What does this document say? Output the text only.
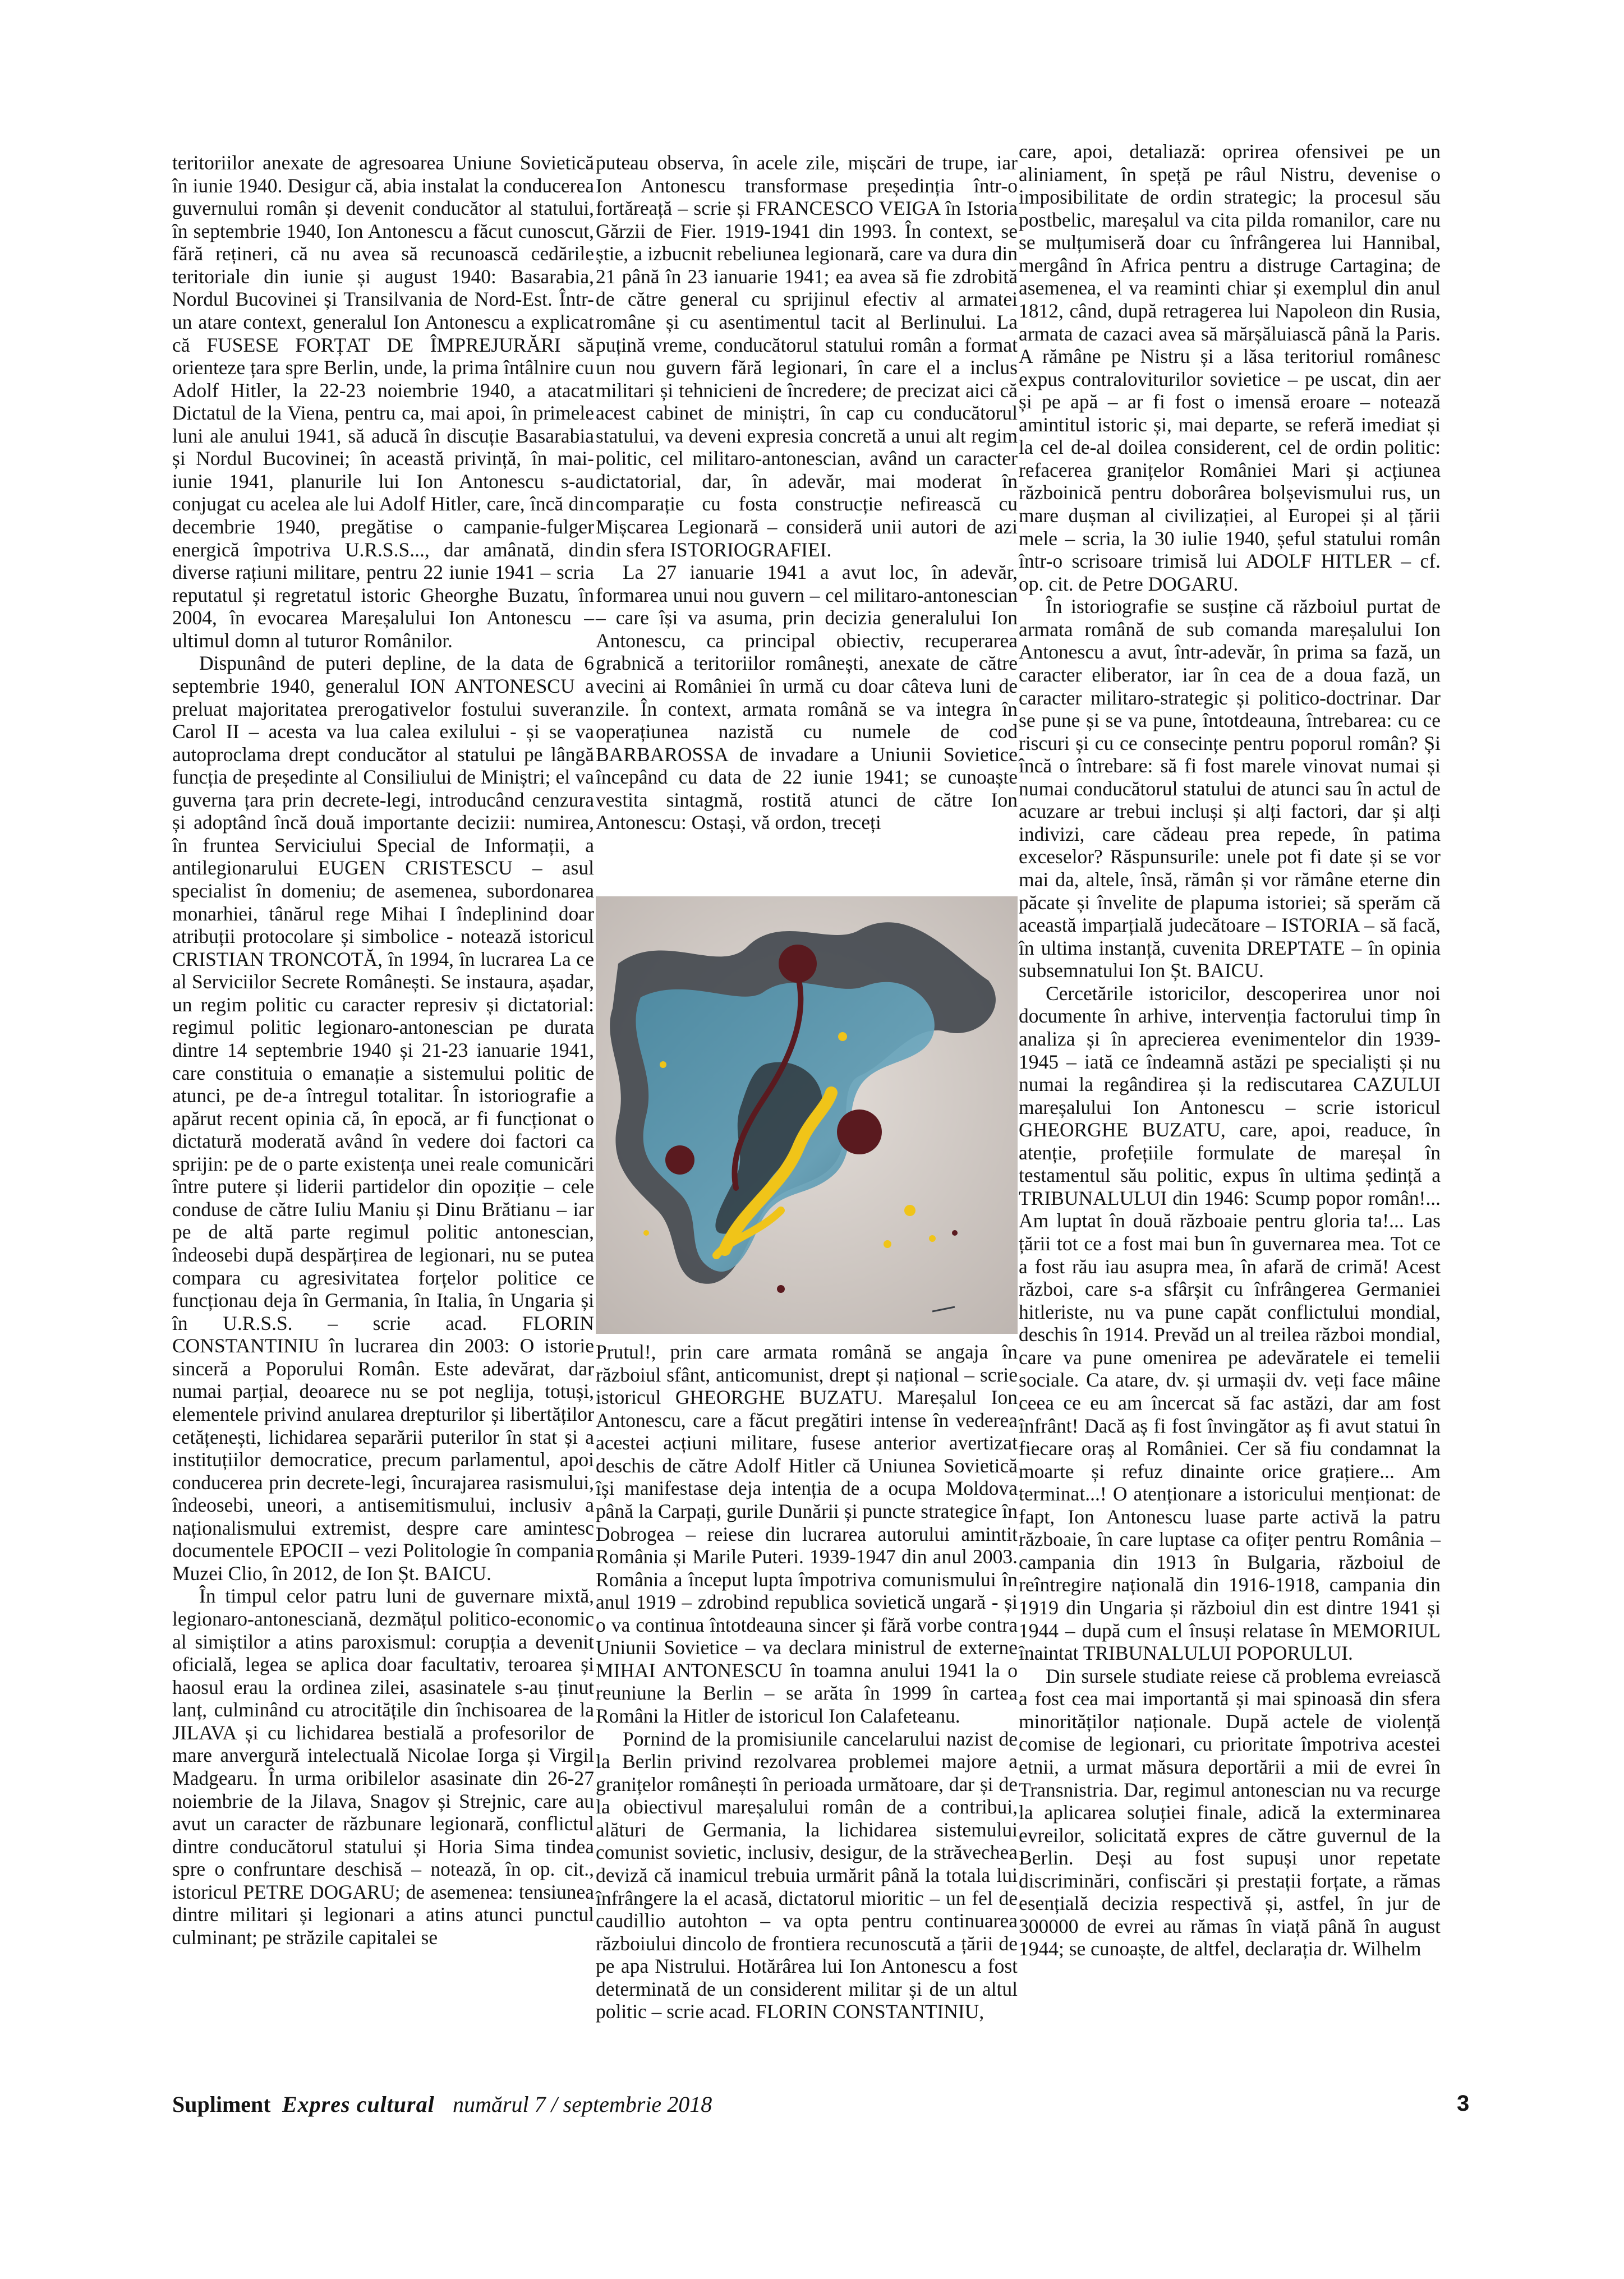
teritoriilor anexate de agresoarea Uniune Sovietică în iunie 1940. Desigur că, abia instalat la conducerea guvernului român și devenit conducător al statului, în septembrie 1940, Ion Antonescu a făcut cunoscut, fără rețineri, că nu avea să recunoască cedările teritoriale din iunie și august 1940: Basarabia, Nordul Bucovinei și Transilvania de Nord-Est. Într-un atare context, generalul Ion Antonescu a explicat că FUSESE FORȚAT DE ÎMPREJURĂRI să orienteze țara spre Berlin, unde, la prima întâlnire cu Adolf Hitler, la 22-23 noiembrie 1940, a atacat Dictatul de la Viena, pentru ca, mai apoi, în primele luni ale anului 1941, să aducă în discuție Basarabia și Nordul Bucovinei; în această privință, în mai-iunie 1941, planurile lui Ion Antonescu s-au conjugat cu acelea ale lui Adolf Hitler, care, încă din decembrie 1940, pregătise o campanie-fulger energică împotriva U.R.S.S..., dar amânată, din diverse rațiuni militare, pentru 22 iunie 1941 – scria reputatul și regretatul istoric Gheorghe Buzatu, în 2004, în evocarea Mareșalului Ion Antonescu – ultimul domn al tuturor Românilor.

Dispunând de puteri depline, de la data de 6 septembrie 1940, generalul ION ANTONESCU a preluat majoritatea prerogativelor fostului suveran Carol II – acesta va lua calea exilului - și se va autoproclama drept conducător al statului pe lângă funcția de președinte al Consiliului de Miniștri; el va guverna țara prin decrete-legi, introducând cenzura și adoptând încă două importante decizii: numirea, în fruntea Serviciului Special de Informații, a antilegionarului EUGEN CRISTESCU – asul specialist în domeniu; de asemenea, subordonarea monarhiei, tânărul rege Mihai I îndeplinind doar atribuții protocolare și simbolice - notează istoricul CRISTIAN TRONCOTĂ, în 1994, în lucrarea La ce al Serviciilor Secrete Românești. Se instaura, așadar, un regim politic cu caracter represiv și dictatorial: regimul politic legionaro-antonescian pe durata dintre 14 septembrie 1940 și 21-23 ianuarie 1941, care constituia o emanație a sistemului politic de atunci, pe de-a întregul totalitar. În istoriografie a apărut recent opinia că, în epocă, ar fi funcționat o dictatură moderată având în vedere doi factori ca sprijin: pe de o parte existența unei reale comunicări între putere și liderii partidelor din opoziție – cele conduse de către Iuliu Maniu și Dinu Brătianu – iar pe de altă parte regimul politic antonescian, îndeosebi după despărțirea de legionari, nu se putea compara cu agresivitatea forțelor politice ce funcționau deja în Germania, în Italia, în Ungaria și în U.R.S.S. – scrie acad. FLORIN CONSTANTINIU în lucrarea din 2003: O istorie sinceră a Poporului Român. Este adevărat, dar numai parțial, deoarece nu se pot neglija, totuși, elementele privind anularea drepturilor și libertăților cetățenești, lichidarea separării puterilor în stat și a instituțiilor democratice, precum parlamentul, apoi conducerea prin decrete-legi, încurajarea rasismului, îndeosebi, uneori, a antisemitismului, inclusiv a naționalismului extremist, despre care amintesc documentele EPOCII – vezi Politologie în compania Muzei Clio, în 2012, de Ion Șt. BAICU.

În timpul celor patru luni de guvernare mixtă, legionaro-antonesciană, dezmățul politico-economic al simiștilor a atins paroxismul: corupția a devenit oficială, legea se aplica doar facultativ, teroarea și haosul erau la ordinea zilei, asasinatele s-au ținut lanț, culminând cu atrocitățile din închisoarea de la JILAVA și cu lichidarea bestială a profesorilor de mare anvergură intelectuală Nicolae Iorga și Virgil Madgearu. În urma oribilelor asasinate din 26-27 noiembrie de la Jilava, Snagov și Strejnic, care au avut un caracter de răzbunare legionară, conflictul dintre conducătorul statului și Horia Sima tindea spre o confruntare deschisă – notează, în op. cit., istoricul PETRE DOGARU; de asemenea: tensiunea dintre militari și legionari a atins atunci punctul culminant; pe străzile capitalei se

puteau observa, în acele zile, mișcări de trupe, iar Ion Antonescu transformase președinția într-o fortăreață – scrie și FRANCESCO VEIGA în Istoria Gărzii de Fier. 1919-1941 din 1993. În context, se știe, a izbucnit rebeliunea legionară, care va dura din 21 până în 23 ianuarie 1941; ea avea să fie zdrobită de către general cu sprijinul efectiv al armatei române și cu asentimentul tacit al Berlinului. La puțină vreme, conducătorul statului român a format un nou guvern fără legionari, în care el a inclus militari și tehnicieni de încredere; de precizat aici că acest cabinet de miniștri, în cap cu conducătorul statului, va deveni expresia concretă a unui alt regim politic, cel militaro-antonescian, având un caracter dictatorial, dar, în adevăr, mai moderat în comparație cu fosta construcție nefirească cu Mișcarea Legionară – consideră unii autori de azi din sfera ISTORIOGRAFIEI.

La 27 ianuarie 1941 a avut loc, în adevăr, formarea unui nou guvern – cel militaro-antonescian – care își va asuma, prin decizia generalului Ion Antonescu, ca principal obiectiv, recuperarea grabnică a teritoriilor românești, anexate de către vecini ai României în urmă cu doar câteva luni de zile. În context, armata română se va integra în operațiunea nazistă cu numele de cod BARBAROSSA de invadare a Uniunii Sovietice începând cu data de 22 iunie 1941; se cunoaște vestita sintagmă, rostită atunci de către Ion Antonescu: Ostași, vă ordon, treceți

Prutul!, prin care armata română se angaja în războiul sfânt, anticomunist, drept și național – scrie istoricul GHEORGHE BUZATU. Mareșalul Ion Antonescu, care a făcut pregătiri intense în vederea acestei acțiuni militare, fusese anterior avertizat deschis de către Adolf Hitler că Uniunea Sovietică își manifestase deja intenția de a ocupa Moldova până la Carpați, gurile Dunării și puncte strategice în Dobrogea – reiese din lucrarea autorului amintit România și Marile Puteri. 1939-1947 din anul 2003. România a început lupta împotriva comunismului în anul 1919 – zdrobind republica sovietică ungară - și o va continua întotdeauna sincer și fără vorbe contra Uniunii Sovietice – va declara ministrul de externe MIHAI ANTONESCU în toamna anului 1941 la o reuniune la Berlin – se arăta în 1999 în cartea Români la Hitler de istoricul Ion Calafeteanu.

Pornind de la promisiunile cancelarului nazist de la Berlin privind rezolvarea problemei majore a granițelor românești în perioada următoare, dar și de la obiectivul mareșalului român de a contribui, alături de Germania, la lichidarea sistemului comunist sovietic, inclusiv, desigur, de la străvechea deviză că inamicul trebuia urmărit până la totala lui înfrângere la el acasă, dictatorul mioritic – un fel de caudillio autohton – va opta pentru continuarea războiului dincolo de frontiera recunoscută a țării de pe apa Nistrului. Hotărârea lui Ion Antonescu a fost determinată de un considerent militar și de un altul politic – scrie acad. FLORIN CONSTANTINIU,

care, apoi, detaliază: oprirea ofensivei pe un aliniament, în speță pe râul Nistru, devenise o imposibilitate de ordin strategic; la procesul său postbelic, mareșalul va cita pilda romanilor, care nu se mulțumiseră doar cu înfrângerea lui Hannibal, mergând în Africa pentru a distruge Cartagina; de asemenea, el va reaminti chiar și exemplul din anul 1812, când, după retragerea lui Napoleon din Rusia, armata de cazaci avea să mărșăluiască până la Paris. A rămâne pe Nistru și a lăsa teritoriul românesc expus contraloviturilor sovietice – pe uscat, din aer și pe apă – ar fi fost o imensă eroare – notează amintitul istoric și, mai departe, se referă imediat și la cel de-al doilea considerent, cel de ordin politic: refacerea granițelor României Mari și acțiunea războinică pentru doborârea bolșevismului rus, un mare dușman al civilizației, al Europei și al țării mele – scria, la 30 iulie 1940, șeful statului român într-o scrisoare trimisă lui ADOLF HITLER – cf. op. cit. de Petre DOGARU.

În istoriografie se susține că războiul purtat de armata română de sub comanda mareșalului Ion Antonescu a avut, într-adevăr, în prima sa fază, un caracter eliberator, iar în cea de a doua fază, un caracter militaro-strategic și politico-doctrinar. Dar se pune și se va pune, întotdeauna, întrebarea: cu ce riscuri și cu ce consecințe pentru poporul român? Și încă o întrebare: să fi fost marele vinovat numai și numai conducătorul statului de atunci sau în actul de acuzare ar trebui incluși și alți factori, dar și alți indivizi, care cădeau prea repede, în patima exceselor? Răspunsurile: unele pot fi date și se vor mai da, altele, însă, rămân și vor rămâne eterne din păcate și învelite de plapuma istoriei; să sperăm că această imparțială judecătoare – ISTORIA – să facă, în ultima instanță, cuvenita DREPTATE – în opinia subsemnatului Ion Șt. BAICU.

Cercetările istoricilor, descoperirea unor noi documente în arhive, intervenția factorului timp în analiza și în aprecierea evenimentelor din 1939-1945 – iată ce îndeamnă astăzi pe specialiști și nu numai la regândirea și la rediscutarea CAZULUI mareșalului Ion Antonescu – scrie istoricul GHEORGHE BUZATU, care, apoi, readuce, în atenție, profețiile formulate de mareșal în testamentul său politic, expus în ultima ședință a TRIBUNALULUI din 1946: Scump popor român!... Am luptat în două războaie pentru gloria ta!... Las țării tot ce a fost mai bun în guvernarea mea. Tot ce a fost rău iau asupra mea, în afară de crimă! Acest război, care s-a sfârșit cu înfrângerea Germaniei hitleriste, nu va pune capăt conflictului mondial, deschis în 1914. Prevăd un al treilea război mondial, care va pune omenirea pe adevăratele ei temelii sociale. Ca atare, dv. și urmașii dv. veți face mâine ceea ce eu am încercat să fac astăzi, dar am fost înfrânt! Dacă aș fi fost învingător aș fi avut statui în fiecare oraș al României. Cer să fiu condamnat la moarte și refuz dinainte orice grațiere... Am terminat...! O atenționare a istoricului menționat: de fapt, Ion Antonescu luase parte activă la patru războaie, în care luptase ca ofițer pentru România – campania din 1913 în Bulgaria, războiul de reîntregire națională din 1916-1918, campania din 1919 din Ungaria și războiul din est dintre 1941 și 1944 – după cum el însuși relatase în MEMORIUL înaintat TRIBUNALULUI POPORULUI.

Din sursele studiate reiese că problema evreiască a fost cea mai importantă și mai spinoasă din sfera minorităților naționale. După actele de violență comise de legionari, cu prioritate împotriva acestei etnii, a urmat măsura deportării a mii de evrei în Transnistria. Dar, regimul antonescian nu va recurge la aplicarea soluției finale, adică la exterminarea evreilor, solicitată expres de către guvernul de la Berlin. Deși au fost supuși unor repetate discriminări, confiscări și prestații forțate, a rămas esențială decizia respectivă și, astfel, în jur de 300000 de evrei au rămas în viață până în august 1944; se cunoaște, de altfel, declarația dr. Wilhelm

Supliment Expres cultural numărul 7 / septembrie 2018	3
